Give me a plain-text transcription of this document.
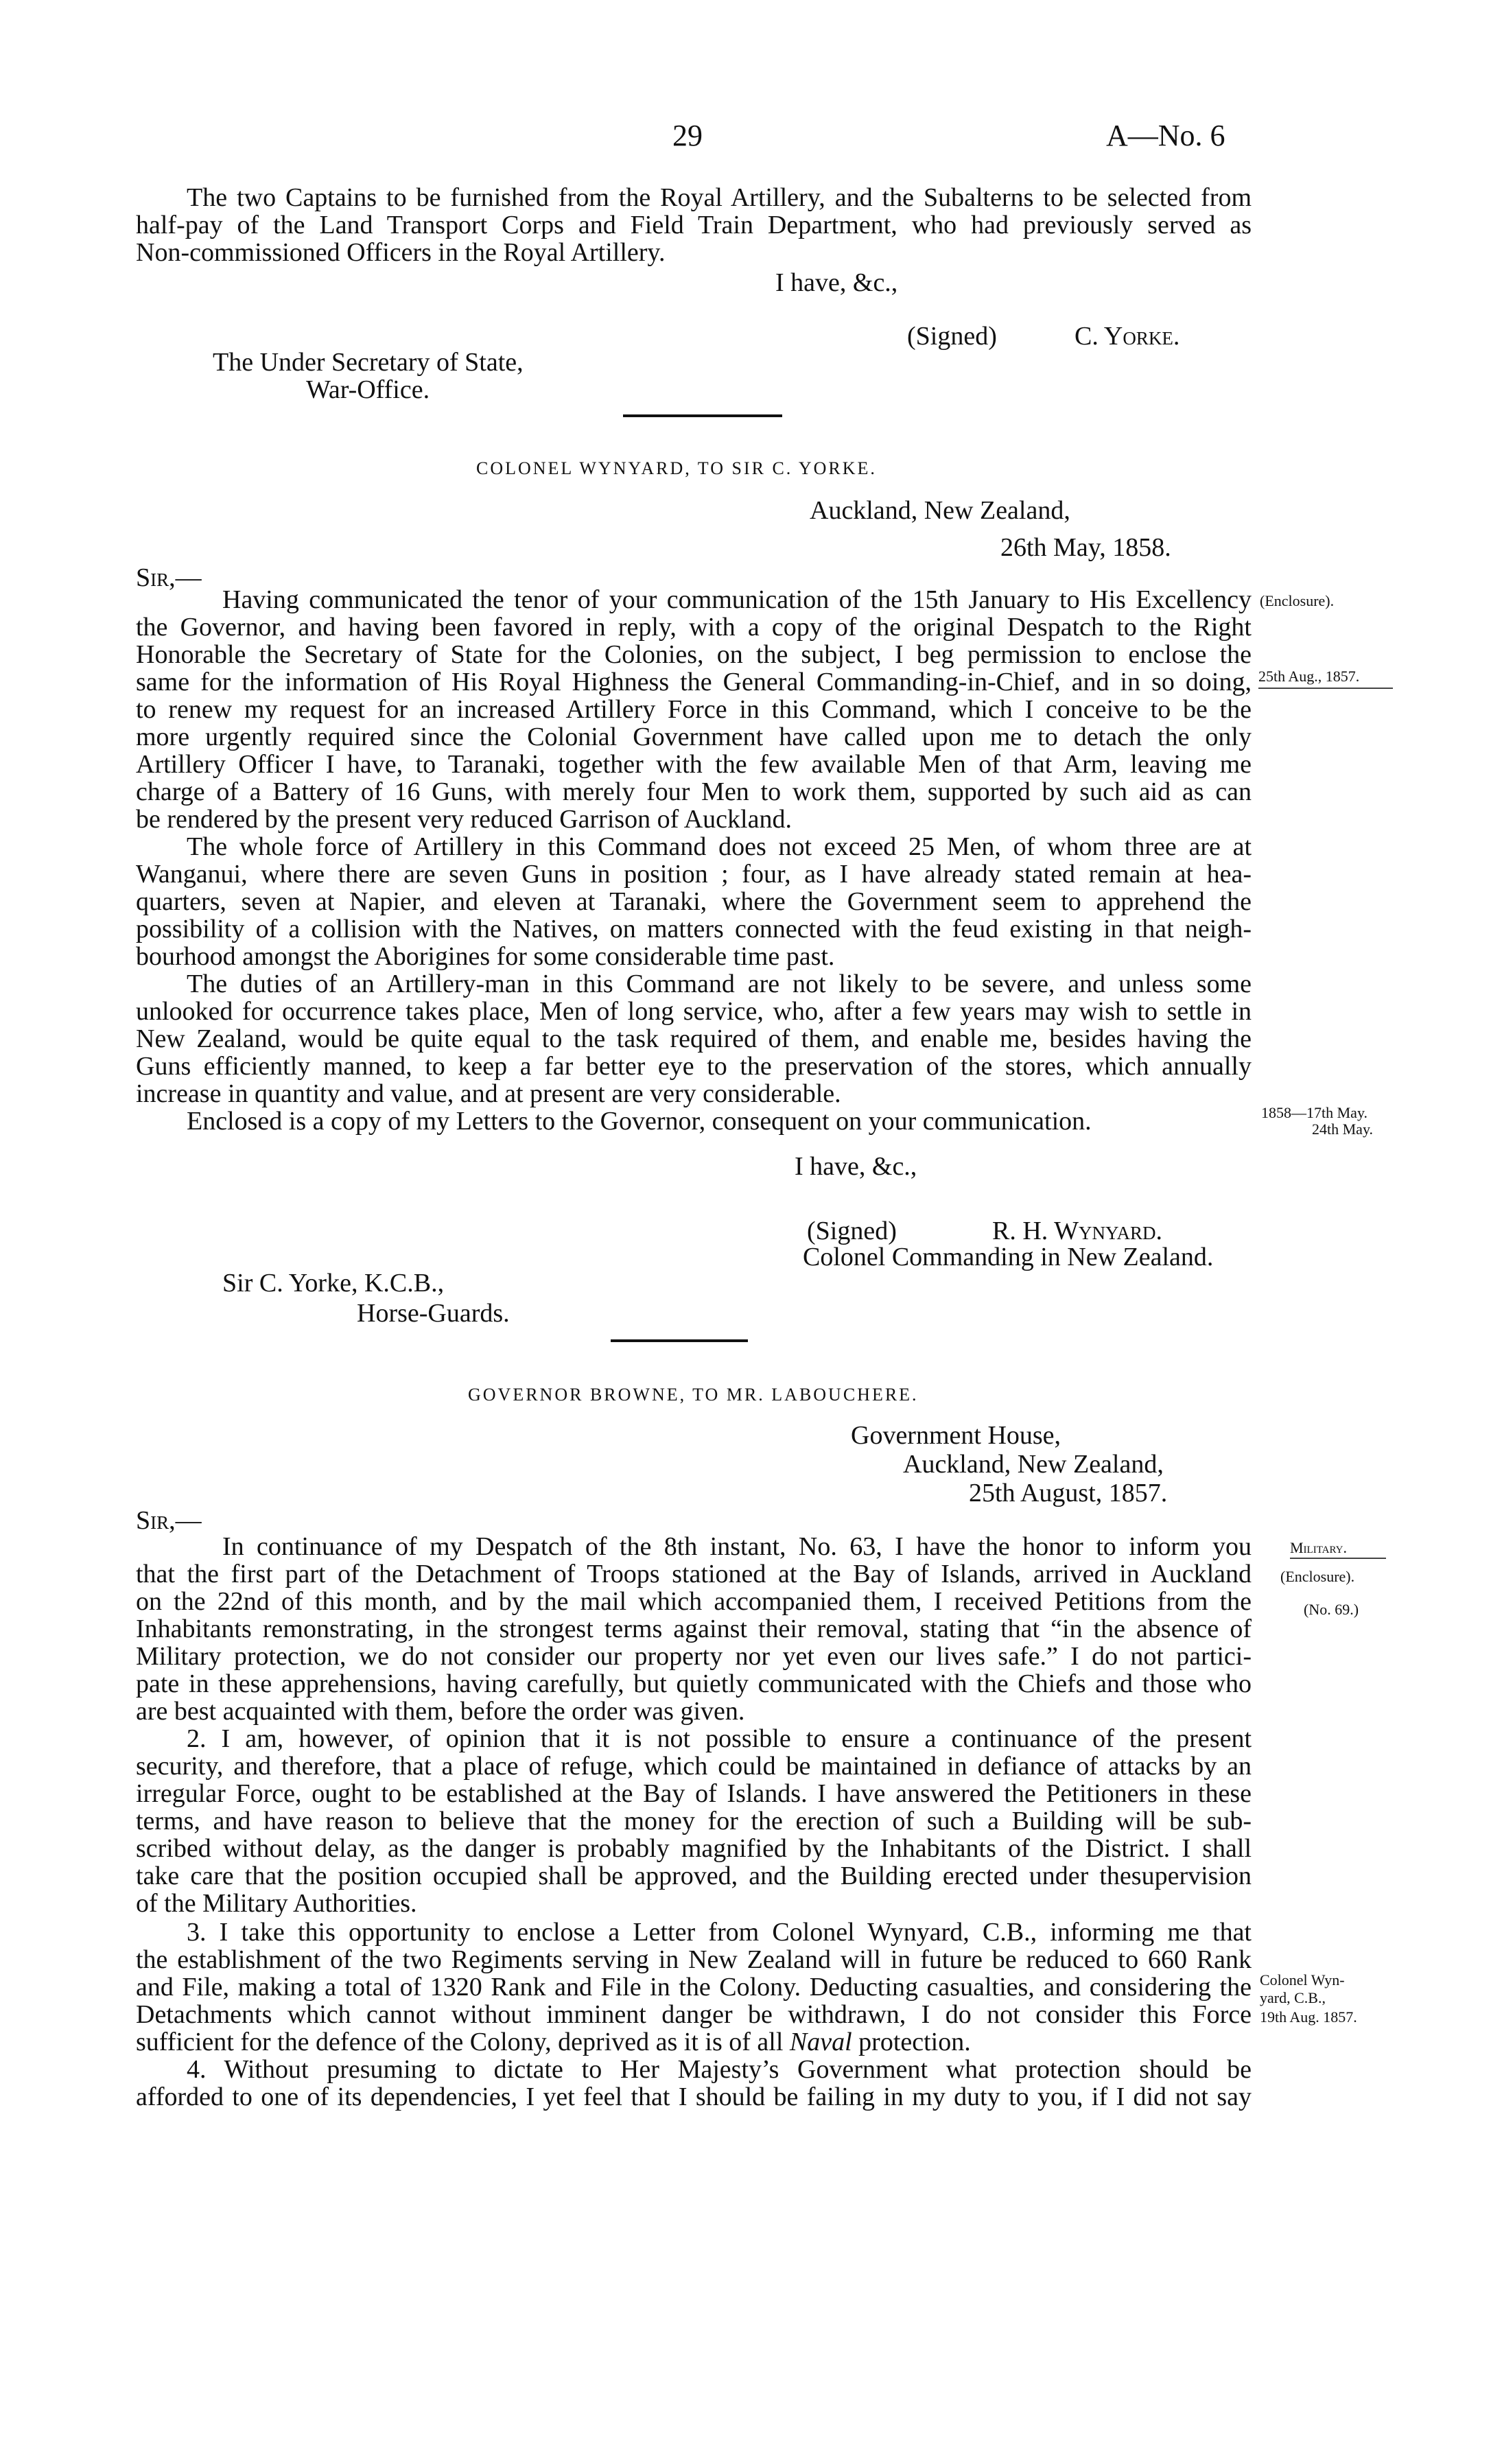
29	A—No. 6
The two Captains to be furnished from the Royal Artillery, and the Subalterns to be selected from
half-pay of the Land Transport Corps and Field Train Department, who had previously served as
Non-commissioned Officers in the Royal Artillery.
I have, &c.,
(Signed)	C. Yorke.
The Under Secretary of State,
War-Office.
COLONEL WYNYARD, TO SIR C. YORKE.
Auckland, New Zealand,
26th May, 1858.
Sir,—
Having communicated the tenor of your communication of the 15th January to His Excellency
the Governor, and having been favored in reply, with a copy of the original Despatch to the Right
Honorable the Secretary of State for the Colonies, on the subject, I beg permission to enclose the
same for the information of His Royal Highness the General Commanding-in-Chief, and in so doing,
to renew my request for an increased Artillery Force in this Command, which I conceive to be the
more urgently required since the Colonial Government have called upon me to detach the only
Artillery Officer I have, to Taranaki, together with the few available Men of that Arm, leaving me
charge of a Battery of 16 Guns, with merely four Men to work them, supported by such aid as can
be rendered by the present very reduced Garrison of Auckland.
The whole force of Artillery in this Command does not exceed 25 Men, of whom three are at
Wanganui, where there are seven Guns in position ; four, as I have already stated remain at hea-
quarters, seven at Napier, and eleven at Taranaki, where the Government seem to apprehend the
possibility of a collision with the Natives, on matters connected with the feud existing in that neigh-
bourhood amongst the Aborigines for some considerable time past.
The duties of an Artillery-man in this Command are not likely to be severe, and unless some
unlooked for occurrence takes place, Men of long service, who, after a few years may wish to settle in
New Zealand, would be quite equal to the task required of them, and enable me, besides having the
Guns efficiently manned, to keep a far better eye to the preservation of the stores, which annually
increase in quantity and value, and at present are very considerable.
Enclosed is a copy of my Letters to the Governor, consequent on your communication.
I have, &c.,
(Signed)	R. H. Wynyard.
Colonel Commanding in New Zealand.
Sir C. Yorke, K.C.B.,
Horse-Guards.
(Enclosure).
25th Aug., 1857.
1858—17th May.
24th May.
GOVERNOR BROWNE, TO MR. LABOUCHERE.
Government House,
Auckland, New Zealand,
25th August, 1857.
Sir,—
In continuance of my Despatch of the 8th instant, No. 63, I have the honor to inform you
that the first part of the Detachment of Troops stationed at the Bay of Islands, arrived in Auckland
on the 22nd of this month, and by the mail which accompanied them, I received Petitions from the
Inhabitants remonstrating, in the strongest terms against their removal, stating that “in the absence of
Military protection, we do not consider our property nor yet even our lives safe.” I do not partici-
pate in these apprehensions, having carefully, but quietly communicated with the Chiefs and those who
are best acquainted with them, before the order was given.
2. I am, however, of opinion that it is not possible to ensure a continuance of the present
security, and therefore, that a place of refuge, which could be maintained in defiance of attacks by an
irregular Force, ought to be established at the Bay of Islands. I have answered the Petitioners in these
terms, and have reason to believe that the money for the erection of such a Building will be sub-
scribed without delay, as the danger is probably magnified by the Inhabitants of the District. I shall
take care that the position occupied shall be approved, and the Building erected under thesupervision
of the Military Authorities.
3. I take this opportunity to enclose a Letter from Colonel Wynyard, C.B., informing me that
the establishment of the two Regiments serving in New Zealand will in future be reduced to 660 Rank
and File, making a total of 1320 Rank and File in the Colony. Deducting casualties, and considering the
Detachments which cannot without imminent danger be withdrawn, I do not consider this Force
sufficient for the defence of the Colony, deprived as it is of all Naval protection.
4. Without presuming to dictate to Her Majesty’s Government what protection should be
afforded to one of its dependencies, I yet feel that I should be failing in my duty to you, if I did not say
Military.
(Enclosure).
(No. 69.)
Colonel Wyn-
yard, C.B.,
19th Aug. 1857.
